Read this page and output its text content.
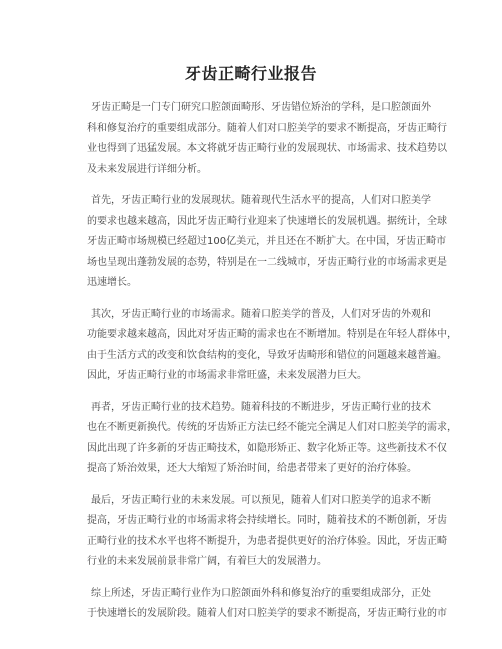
牙齿正畸行业报告

牙齿正畸是一门专门研究口腔颌面畸形、牙齿错位矫治的学科，是口腔颌面外
科和修复治疗的重要组成部分。随着人们对口腔美学的要求不断提高，牙齿正畸行
业也得到了迅猛发展。本文将就牙齿正畸行业的发展现状、市场需求、技术趋势以
及未来发展进行详细分析。

首先，牙齿正畸行业的发展现状。随着现代生活水平的提高，人们对口腔美学
的要求也越来越高，因此牙齿正畸行业迎来了快速增长的发展机遇。据统计，全球
牙齿正畸市场规模已经超过100亿美元，并且还在不断扩大。在中国，牙齿正畸市
场也呈现出蓬勃发展的态势，特别是在一二线城市，牙齿正畸行业的市场需求更是
迅速增长。

其次，牙齿正畸行业的市场需求。随着口腔美学的普及，人们对牙齿的外观和
功能要求越来越高，因此对牙齿正畸的需求也在不断增加。特别是在年轻人群体中，
由于生活方式的改变和饮食结构的变化，导致牙齿畸形和错位的问题越来越普遍。
因此，牙齿正畸行业的市场需求非常旺盛，未来发展潜力巨大。

再者，牙齿正畸行业的技术趋势。随着科技的不断进步，牙齿正畸行业的技术
也在不断更新换代。传统的牙齿矫正方法已经不能完全满足人们对口腔美学的需求，
因此出现了许多新的牙齿正畸技术，如隐形矫正、数字化矫正等。这些新技术不仅
提高了矫治效果，还大大缩短了矫治时间，给患者带来了更好的治疗体验。

最后，牙齿正畸行业的未来发展。可以预见，随着人们对口腔美学的追求不断
提高，牙齿正畸行业的市场需求将会持续增长。同时，随着技术的不断创新，牙齿
正畸行业的技术水平也将不断提升，为患者提供更好的治疗体验。因此，牙齿正畸
行业的未来发展前景非常广阔，有着巨大的发展潜力。

综上所述，牙齿正畸行业作为口腔颌面外科和修复治疗的重要组成部分，正处
于快速增长的发展阶段。随着人们对口腔美学的要求不断提高，牙齿正畸行业的市
